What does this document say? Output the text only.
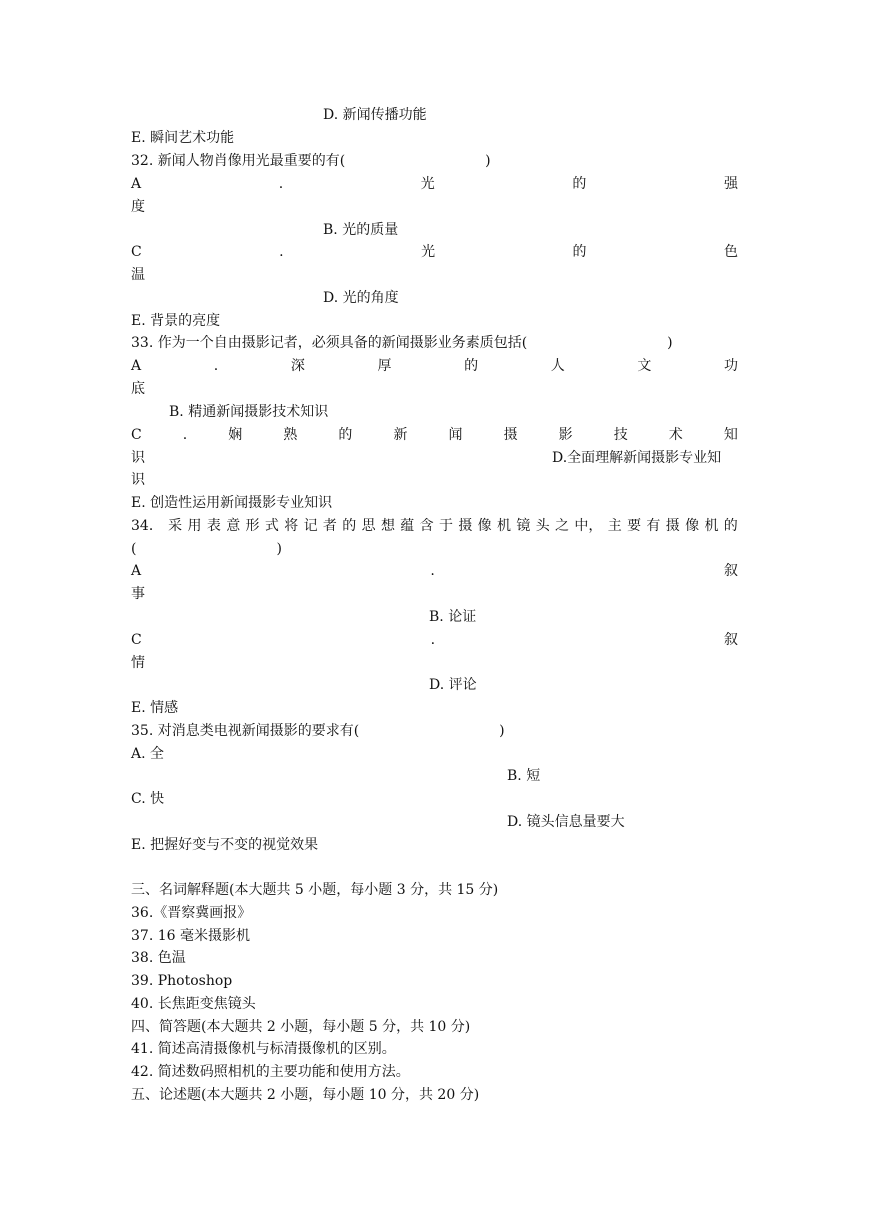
D. 新闻传播功能
E. 瞬间艺术功能
32. 新闻人物肖像用光最重要的有(　　　　　　　　　　)
A	.	光	的	强
度
B. 光的质量
C	.	光	的	色
温
D. 光的角度
E. 背景的亮度
33. 作为一个自由摄影记者，必须具备的新闻摄影业务素质包括(　　　　　　　　　　)
A	.	深	厚	的	人	文	功
底
B. 精通新闻摄影技术知识
C	.	娴	熟	的	新	闻	摄	影	技	术	知
识	D.全面理解新闻摄影专业知
识
E. 创造性运用新闻摄影专业知识
34． 采 用 表 意 形 式 将 记 者 的 思 想 蕴 含 于 摄 像 机 镜 头 之 中， 主 要 有 摄 像 机 的
(　　　　　　　　　　)
A	.	叙
事
B. 论证
C	.	叙
情
D. 评论
E. 情感
35. 对消息类电视新闻摄影的要求有(　　　　　　　　　　)
A. 全
B. 短
C. 快
D. 镜头信息量要大
E. 把握好变与不变的视觉效果
三、名词解释题(本大题共 5 小题，每小题 3 分，共 15 分)
36.《晋察冀画报》
37. 16 毫米摄影机
38. 色温
39. Photoshop
40. 长焦距变焦镜头
四、简答题(本大题共 2 小题，每小题 5 分，共 10 分)
41. 简述高清摄像机与标清摄像机的区别。
42. 简述数码照相机的主要功能和使用方法。
五、论述题(本大题共 2 小题，每小题 10 分，共 20 分)
